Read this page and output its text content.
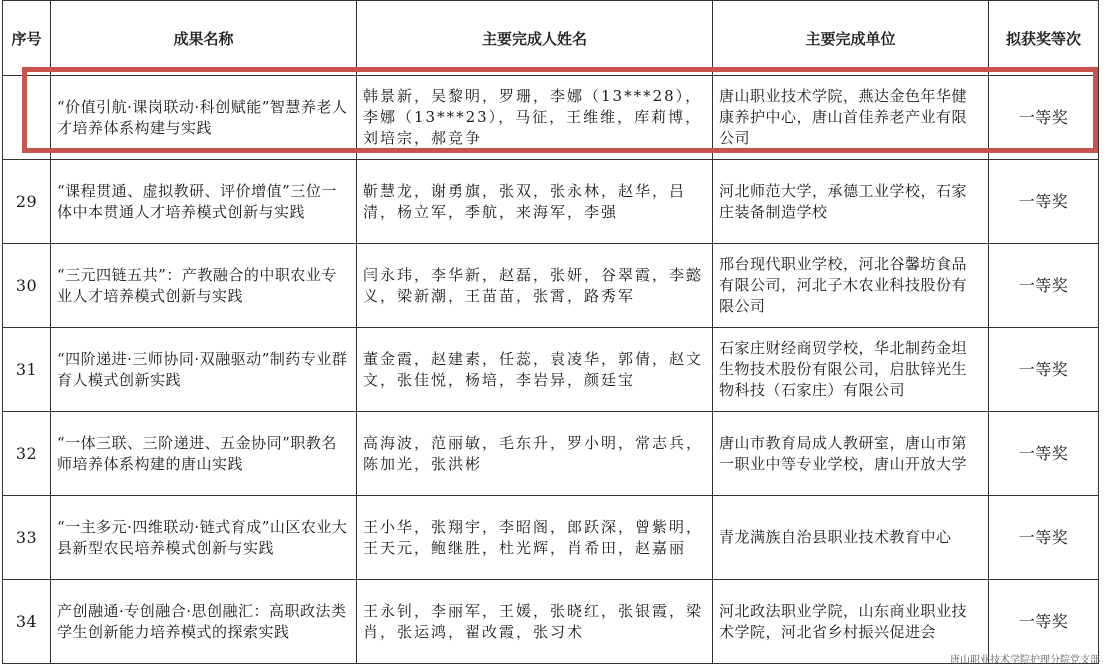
序号	成果名称	主要完成人姓名	主要完成单位	拟获奖等次
	“价值引航·课岗联动·科创赋能”智慧养老人才培养体系构建与实践	韩景新，吴黎明，罗珊，李娜（13***28），李娜（13***23），马征，王维维，库莉博，刘培宗，郝竞争	唐山职业技术学院，燕达金色年华健康养护中心，唐山首佳养老产业有限公司	一等奖
29	“课程贯通、虚拟教研、评价增值”三位一体中本贯通人才培养模式创新与实践	靳慧龙，谢勇旗，张双，张永林，赵华，吕清，杨立军，季航，来海军，李强	河北师范大学，承德工业学校，石家庄装备制造学校	一等奖
30	“三元四链五共”：产教融合的中职农业专业人才培养模式创新与实践	闫永玮，李华新，赵磊，张妍，谷翠霞，李懿义，梁新潮，王苗苗，张霄，路秀军	邢台现代职业学校，河北谷馨坊食品有限公司，河北子木农业科技股份有限公司	一等奖
31	“四阶递进·三师协同·双融驱动”制药专业群育人模式创新实践	董金霞，赵建素，任蕊，袁凌华，郭倩，赵文文，张佳悦，杨培，李岩异，颜廷宝	石家庄财经商贸学校，华北制药金坦生物技术股份有限公司，启肽锌光生物科技（石家庄）有限公司	一等奖
32	“一体三联、三阶递进、五金协同”职教名师培养体系构建的唐山实践	高海波，范丽敏，毛东升，罗小明，常志兵，陈加光，张洪彬	唐山市教育局成人教研室，唐山市第一职业中等专业学校，唐山开放大学	一等奖
33	“一主多元·四维联动·链式育成”山区农业大县新型农民培养模式创新与实践	王小华，张翔宇，李昭阁，郎跃深，曾紫明，王天元，鲍继胜，杜光辉，肖希田，赵嘉丽	青龙满族自治县职业技术教育中心	一等奖
34	产创融通·专创融合·思创融汇：高职政法类学生创新能力培养模式的探索实践	王永钊，李丽军，王媛，张晓红，张银霞，梁肖，张运鸿，翟改霞，张习术	河北政法职业学院，山东商业职业技术学院，河北省乡村振兴促进会	一等奖
唐山职业技术学院护理分院党支部
